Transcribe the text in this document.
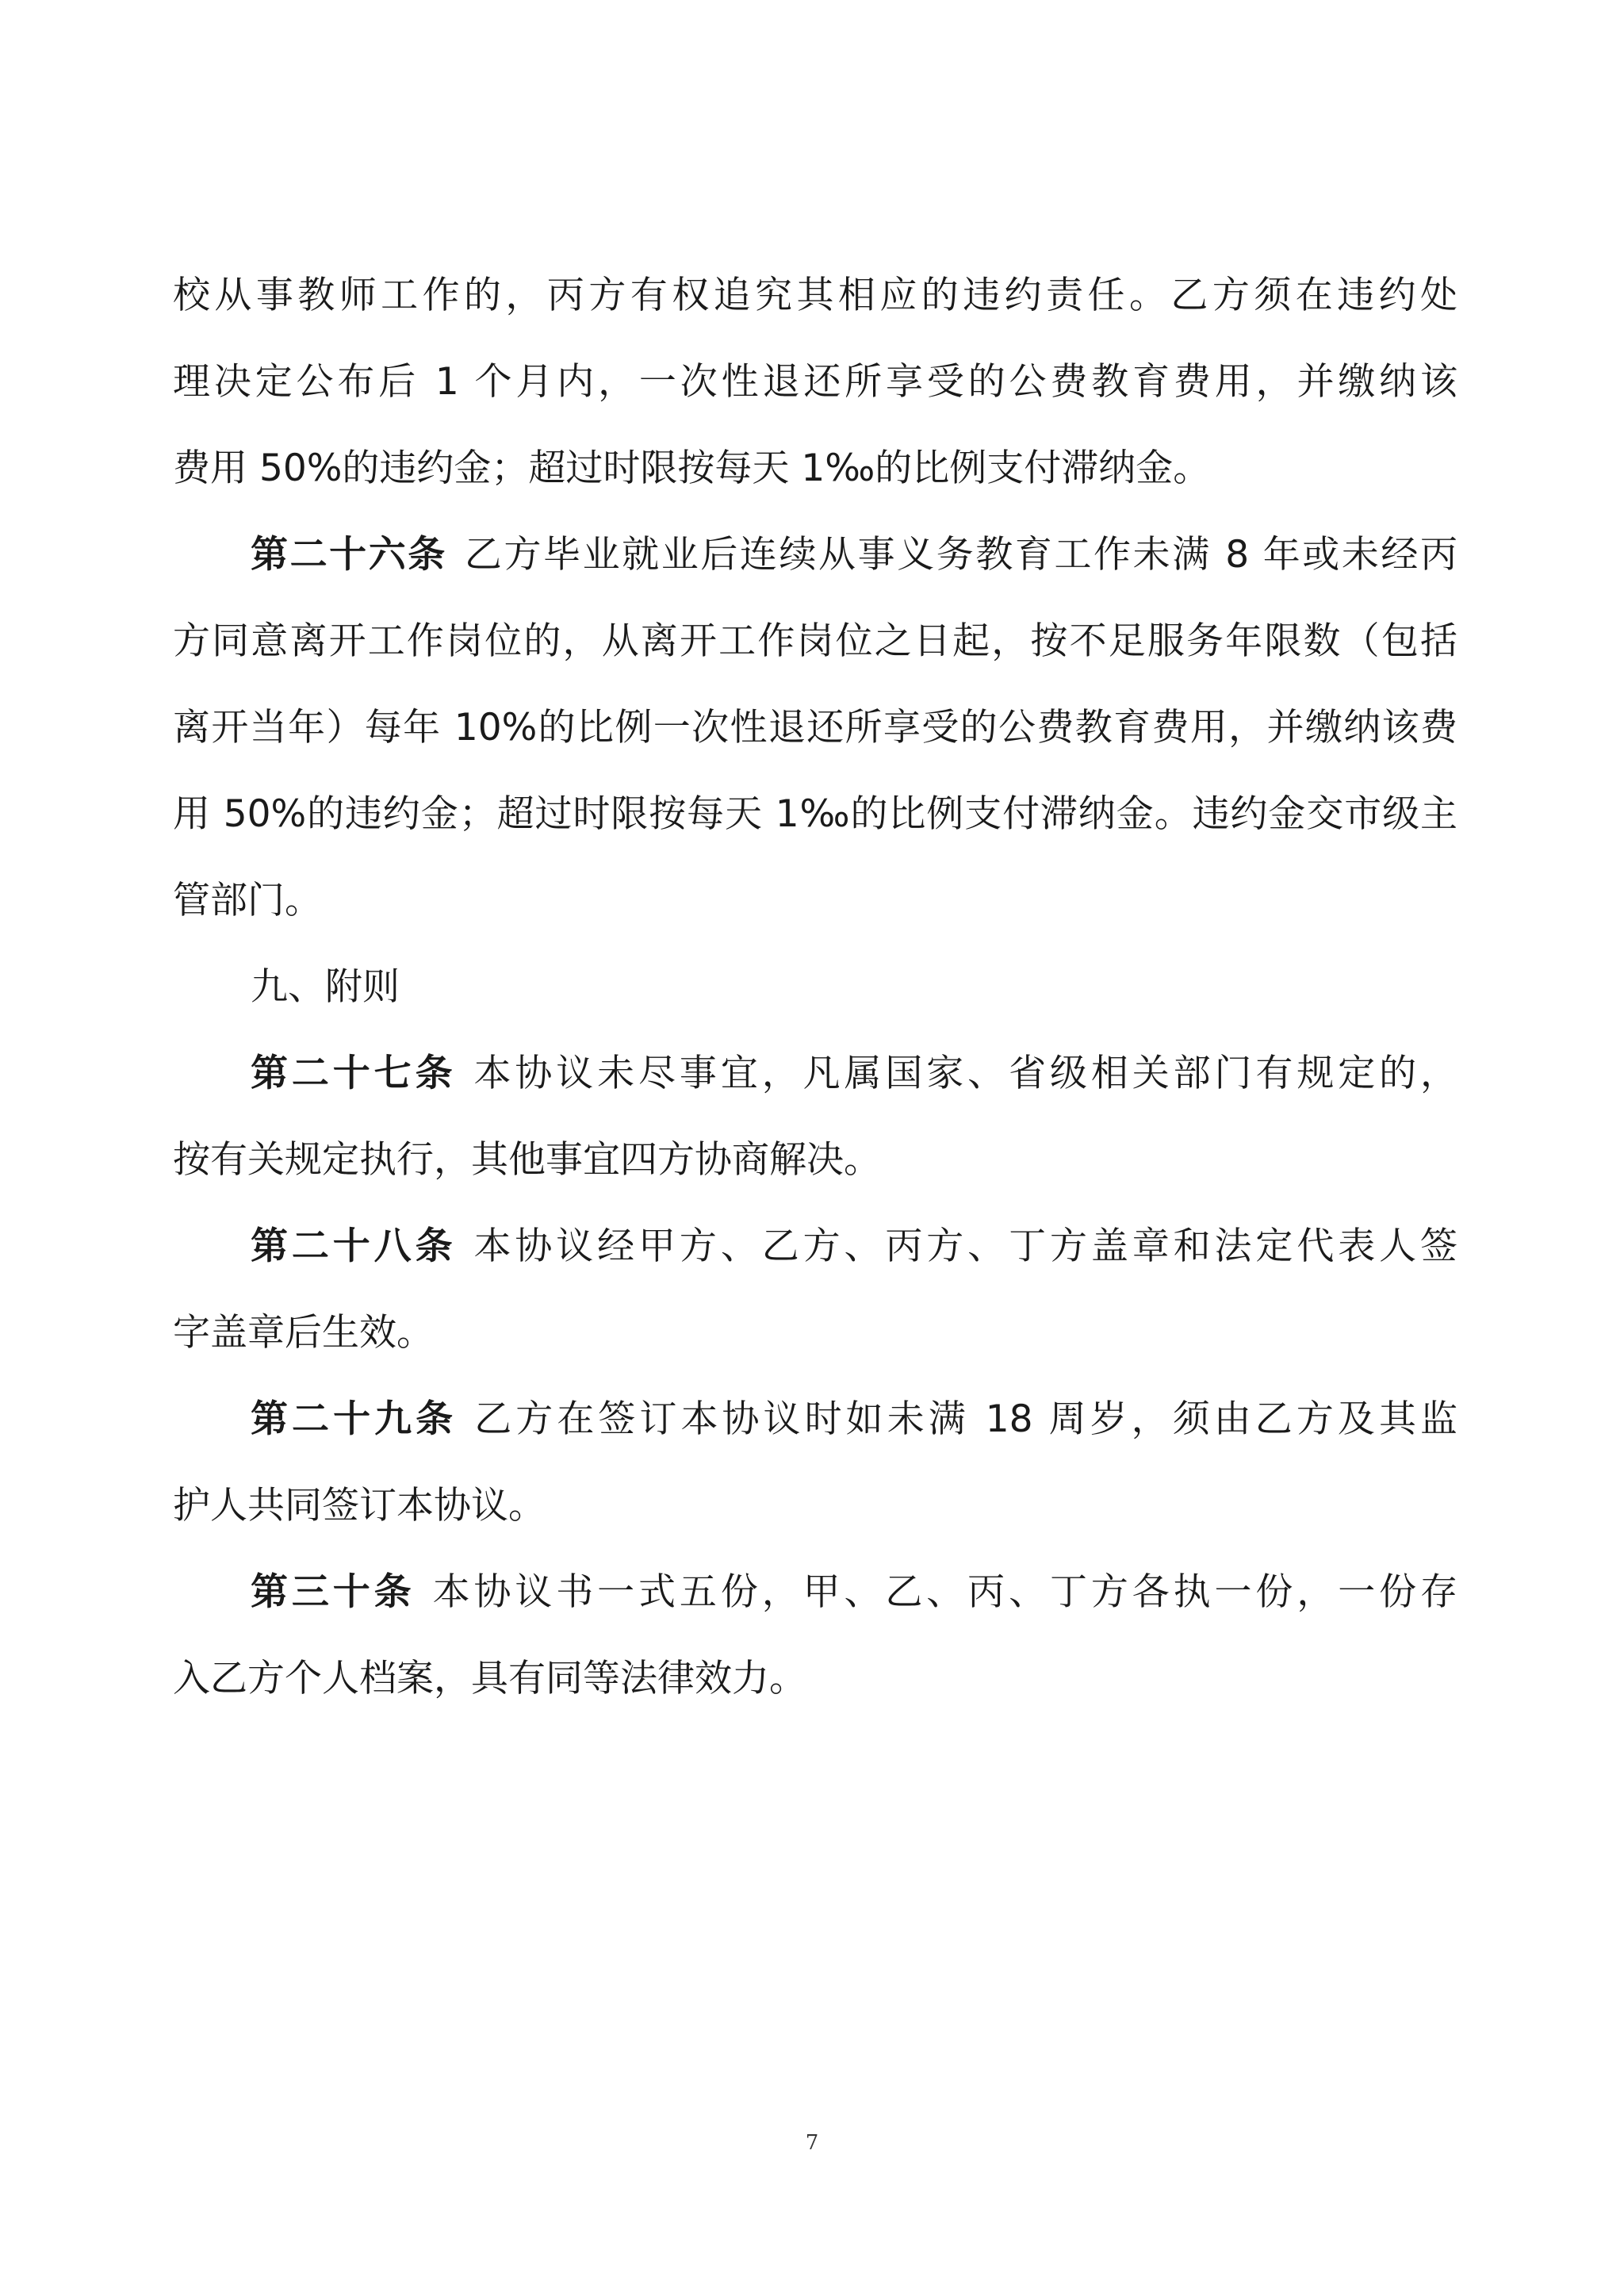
校从事教师工作的，丙方有权追究其相应的违约责任。乙方须在违约处
理决定公布后 1 个月内，一次性退还所享受的公费教育费用，并缴纳该
费用 50%的违约金；超过时限按每天 1‰的比例支付滞纳金。
第二十六条 乙方毕业就业后连续从事义务教育工作未满 8 年或未经丙
方同意离开工作岗位的，从离开工作岗位之日起，按不足服务年限数（包括
离开当年）每年 10%的比例一次性退还所享受的公费教育费用，并缴纳该费
用 50%的违约金；超过时限按每天 1‰的比例支付滞纳金。违约金交市级主
管部门。
九、附则
第二十七条 本协议未尽事宜，凡属国家、省级相关部门有规定的，
按有关规定执行，其他事宜四方协商解决。
第二十八条 本协议经甲方、乙方、丙方、丁方盖章和法定代表人签
字盖章后生效。
第二十九条 乙方在签订本协议时如未满 18 周岁，须由乙方及其监
护人共同签订本协议。
第三十条 本协议书一式五份，甲、乙、丙、丁方各执一份，一份存
入乙方个人档案，具有同等法律效力。
7
